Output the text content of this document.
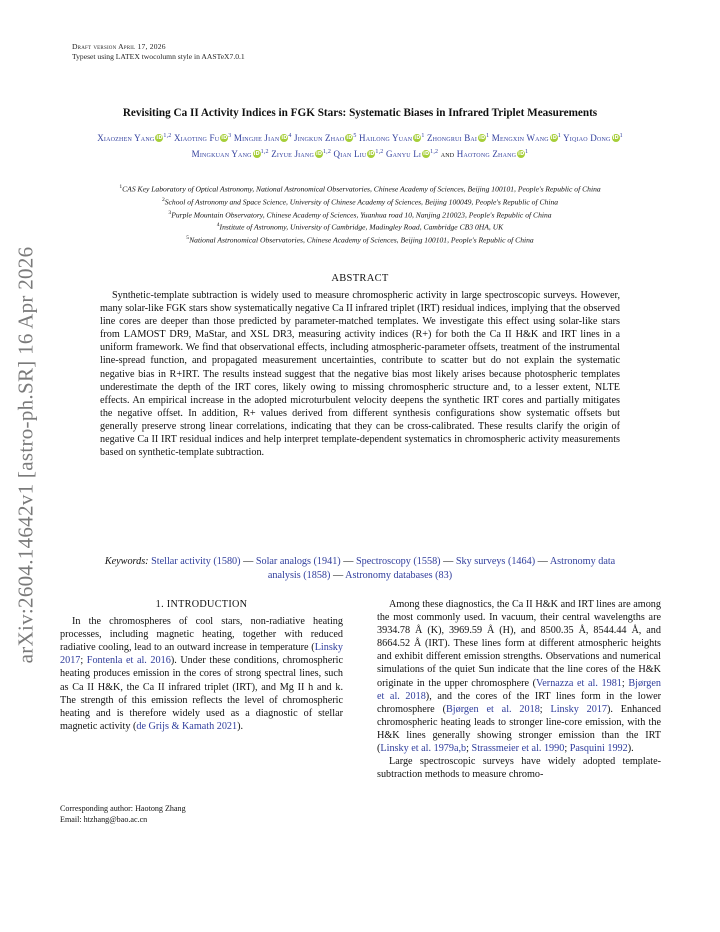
arXiv:2604.14642v1 [astro-ph.SR] 16 Apr 2026
Draft version April 17, 2026
Typeset using LATEX twocolumn style in AASTeX7.0.1
Revisiting Ca II Activity Indices in FGK Stars: Systematic Biases in Infrared Triplet Measurements
Xiaozhen Yang iD $^{1,2}$ Xiaoting Fu iD $^3$ Mingjie Jian iD $^4$ Jingkun Zhao iD $^5$ Hailong Yuan iD $^1$ Zhongrui Bai iD $^1$ Mengxin Wang iD $^1$ Yiqiao Dong iD $^1$ Mingkuan Yang iD $^{1,2}$ Ziyue Jiang iD $^{1,2}$ Qian Liu iD $^{1,2}$ Ganyu Li iD $^{1,2}$ and Haotong Zhang iD $^1$
$^1$CAS Key Laboratory of Optical Astronomy, National Astronomical Observatories, Chinese Academy of Sciences, Beijing 100101, People's Republic of China
$^2$School of Astronomy and Space Science, University of Chinese Academy of Sciences, Beijing 100049, People's Republic of China
$^3$Purple Mountain Observatory, Chinese Academy of Sciences, Yuanhua road 10, Nanjing 210023, People's Republic of China
$^4$Institute of Astronomy, University of Cambridge, Madingley Road, Cambridge CB3 0HA, UK
$^5$National Astronomical Observatories, Chinese Academy of Sciences, Beijing 100101, People's Republic of China
ABSTRACT
Synthetic-template subtraction is widely used to measure chromospheric activity in large spectroscopic surveys. However, many solar-like FGK stars show systematically negative Ca II infrared triplet (IRT) residual indices, implying that the observed line cores are deeper than those predicted by parameter-matched templates. We investigate this effect using solar-like stars from LAMOST DR9, MaStar, and XSL DR3, measuring activity indices (R+) for both the Ca II H&K and IRT lines in a uniform framework. We find that observational effects, including atmospheric-parameter offsets, treatment of the instrumental line-spread function, and propagated measurement uncertainties, contribute to scatter but do not explain the systematic negative bias in R+IRT. The results instead suggest that the negative bias most likely arises because photospheric templates underestimate the depth of the IRT cores, likely owing to missing chromospheric structure and, to a lesser extent, NLTE effects. An empirical increase in the adopted microturbulent velocity deepens the synthetic IRT cores and partially mitigates the negative offset. In addition, R+ values derived from different synthesis configurations show systematic offsets but generally preserve strong linear correlations, indicating that they can be cross-calibrated. These results clarify the origin of negative Ca II IRT residual indices and help interpret template-dependent systematics in chromospheric activity measurements based on synthetic-template subtraction.
Keywords: Stellar activity (1580) — Solar analogs (1941) — Spectroscopy (1558) — Sky surveys (1464) — Astronomy data analysis (1858) — Astronomy databases (83)
1. INTRODUCTION

In the chromospheres of cool stars, non-radiative heating processes, including magnetic heating, together with reduced radiative cooling, lead to an outward increase in temperature (Linsky 2017; Fontenla et al. 2016). Under these conditions, chromospheric heating produces emission in the cores of strong spectral lines, such as Ca II H&K, the Ca II infrared triplet (IRT), and Mg II h and k. The strength of this emission reflects the level of chromospheric heating and is therefore widely used as a diagnostic of stellar magnetic activity (de Grijs & Kamath 2021).

Corresponding author: Haotong Zhang
Email: htzhang@bao.ac.cn

Among these diagnostics, the Ca II H&K and IRT lines are among the most commonly used. In vacuum, their central wavelengths are 3934.78 Å (K), 3969.59 Å (H), and 8500.35 Å, 8544.44 Å, and 8664.52 Å (IRT). These lines form at different atmospheric heights and exhibit different emission strengths. Observations and numerical simulations of the quiet Sun indicate that the line cores of the H&K originate in the upper chromosphere (Vernazza et al. 1981; Bjørgen et al. 2018), and the cores of the IRT lines form in the lower chromosphere (Bjørgen et al. 2018; Linsky 2017). Enhanced chromospheric heating leads to stronger line-core emission, with the H&K lines generally showing stronger emission than the IRT (Linsky et al. 1979a,b; Strassmeier et al. 1990; Pasquini 1992).

Large spectroscopic surveys have widely adopted template-subtraction methods to measure chromo-
